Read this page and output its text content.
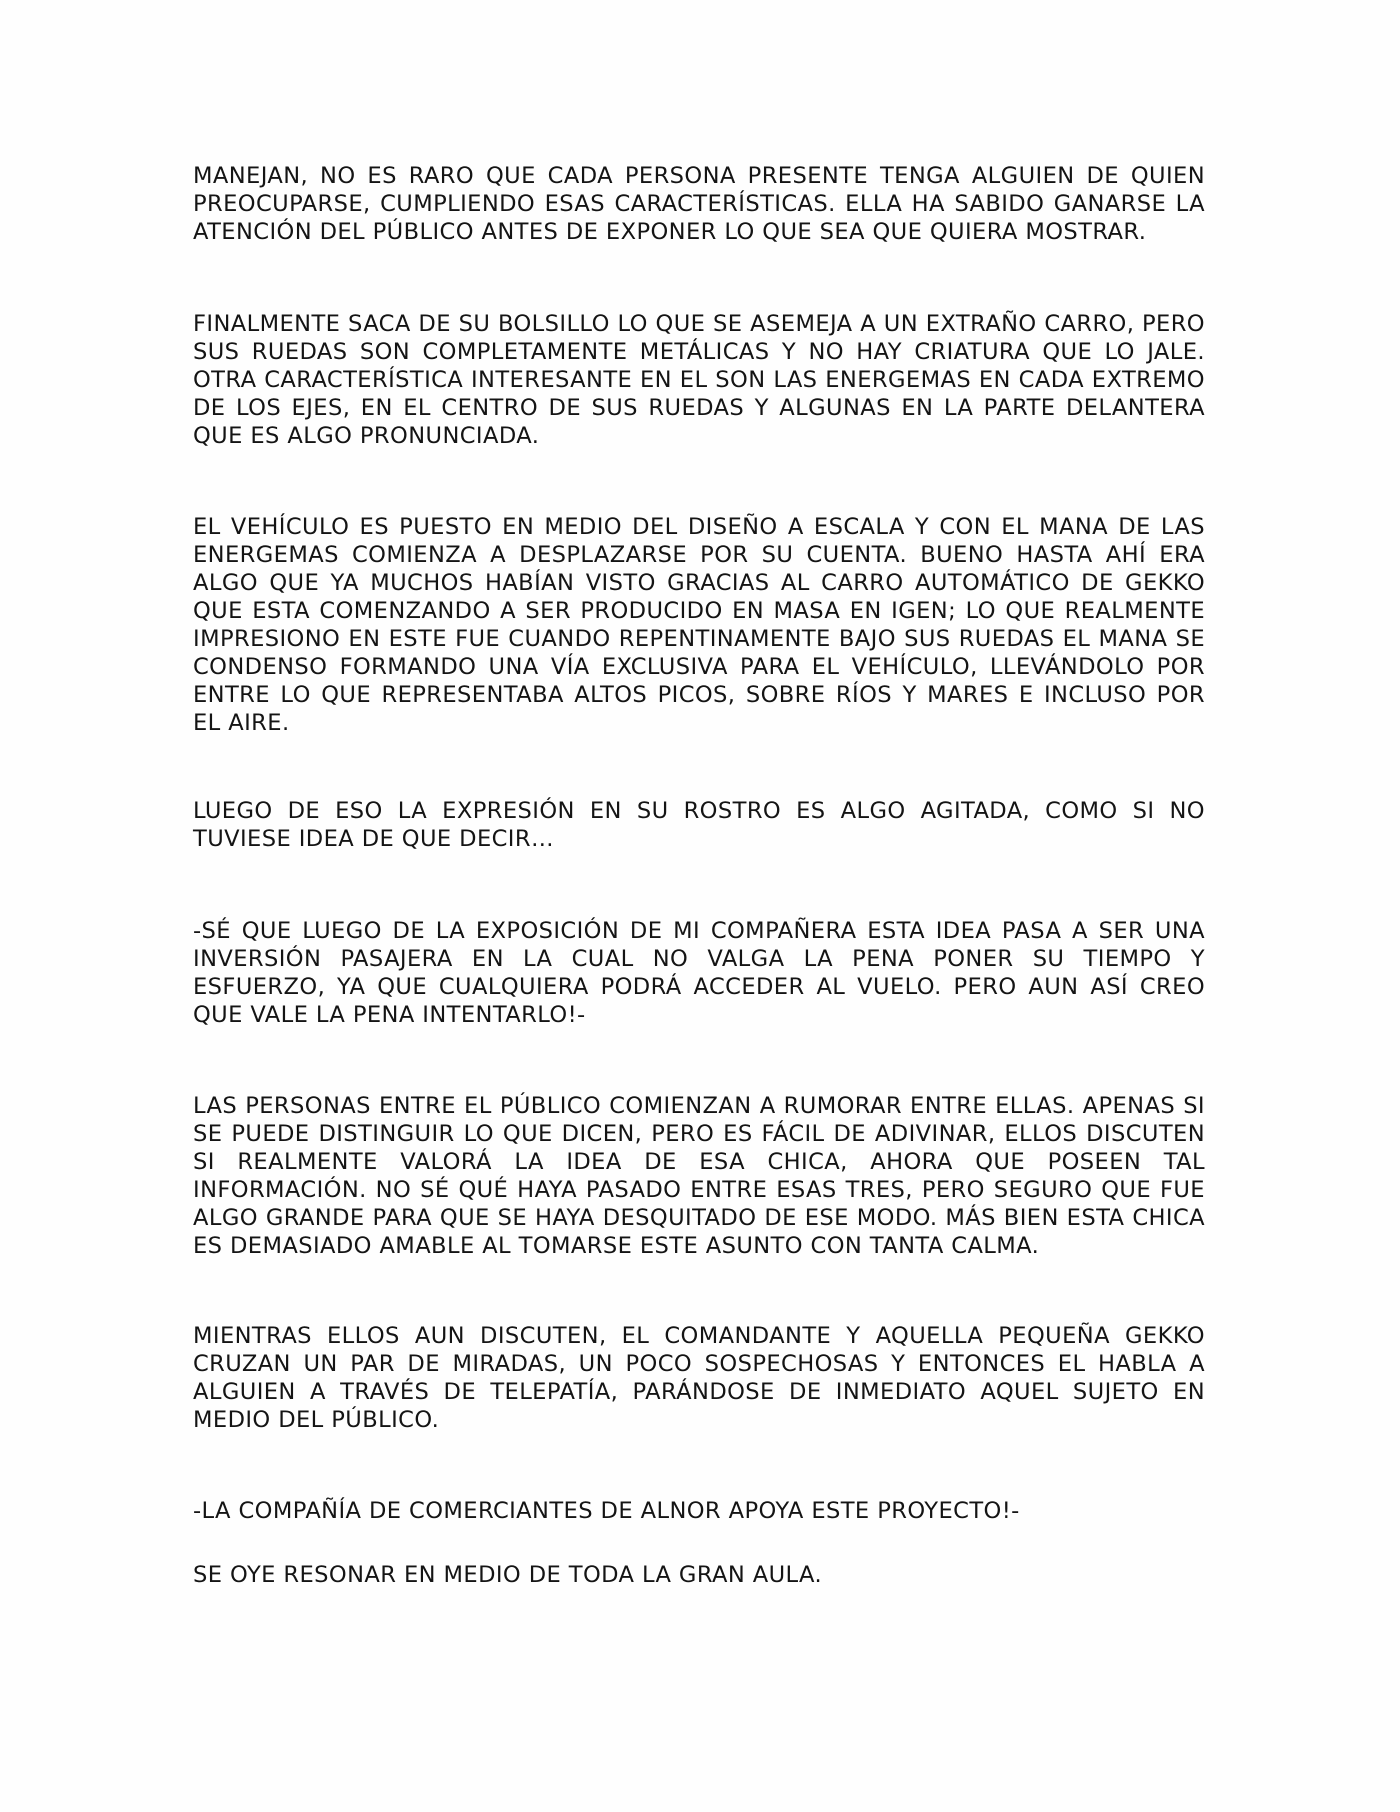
MANEJAN, NO ES RARO QUE CADA PERSONA PRESENTE TENGA ALGUIEN DE QUIEN PREOCUPARSE, CUMPLIENDO ESAS CARACTERÍSTICAS. ELLA HA SABIDO GANARSE LA ATENCIÓN DEL PÚBLICO ANTES DE EXPONER LO QUE SEA QUE QUIERA MOSTRAR.

FINALMENTE SACA DE SU BOLSILLO LO QUE SE ASEMEJA A UN EXTRAÑO CARRO, PERO SUS RUEDAS SON COMPLETAMENTE METÁLICAS Y NO HAY CRIATURA QUE LO JALE. OTRA CARACTERÍSTICA INTERESANTE EN EL SON LAS ENERGEMAS EN CADA EXTREMO DE LOS EJES, EN EL CENTRO DE SUS RUEDAS Y ALGUNAS EN LA PARTE DELANTERA QUE ES ALGO PRONUNCIADA.

EL VEHÍCULO ES PUESTO EN MEDIO DEL DISEÑO A ESCALA Y CON EL MANA DE LAS ENERGEMAS COMIENZA A DESPLAZARSE POR SU CUENTA. BUENO HASTA AHÍ ERA ALGO QUE YA MUCHOS HABÍAN VISTO GRACIAS AL CARRO AUTOMÁTICO DE GEKKO QUE ESTA COMENZANDO A SER PRODUCIDO EN MASA EN IGEN; LO QUE REALMENTE IMPRESIONO EN ESTE FUE CUANDO REPENTINAMENTE BAJO SUS RUEDAS EL MANA SE CONDENSO FORMANDO UNA VÍA EXCLUSIVA PARA EL VEHÍCULO, LLEVÁNDOLO POR ENTRE LO QUE REPRESENTABA ALTOS PICOS, SOBRE RÍOS Y MARES E INCLUSO POR EL AIRE.

LUEGO DE ESO LA EXPRESIÓN EN SU ROSTRO ES ALGO AGITADA, COMO SI NO TUVIESE IDEA DE QUE DECIR…

-SÉ QUE LUEGO DE LA EXPOSICIÓN DE MI COMPAÑERA ESTA IDEA PASA A SER UNA INVERSIÓN PASAJERA EN LA CUAL NO VALGA LA PENA PONER SU TIEMPO Y ESFUERZO, YA QUE CUALQUIERA PODRÁ ACCEDER AL VUELO. PERO AUN ASÍ CREO QUE VALE LA PENA INTENTARLO!-

LAS PERSONAS ENTRE EL PÚBLICO COMIENZAN A RUMORAR ENTRE ELLAS. APENAS SI SE PUEDE DISTINGUIR LO QUE DICEN, PERO ES FÁCIL DE ADIVINAR, ELLOS DISCUTEN SI REALMENTE VALORÁ LA IDEA DE ESA CHICA, AHORA QUE POSEEN TAL INFORMACIÓN. NO SÉ QUÉ HAYA PASADO ENTRE ESAS TRES, PERO SEGURO QUE FUE ALGO GRANDE PARA QUE SE HAYA DESQUITADO DE ESE MODO. MÁS BIEN ESTA CHICA ES DEMASIADO AMABLE AL TOMARSE ESTE ASUNTO CON TANTA CALMA.

MIENTRAS ELLOS AUN DISCUTEN, EL COMANDANTE Y AQUELLA PEQUEÑA GEKKO CRUZAN UN PAR DE MIRADAS, UN POCO SOSPECHOSAS Y ENTONCES EL HABLA A ALGUIEN A TRAVÉS DE TELEPATÍA, PARÁNDOSE DE INMEDIATO AQUEL SUJETO EN MEDIO DEL PÚBLICO.

-LA COMPAÑÍA DE COMERCIANTES DE ALNOR APOYA ESTE PROYECTO!-

SE OYE RESONAR EN MEDIO DE TODA LA GRAN AULA.
